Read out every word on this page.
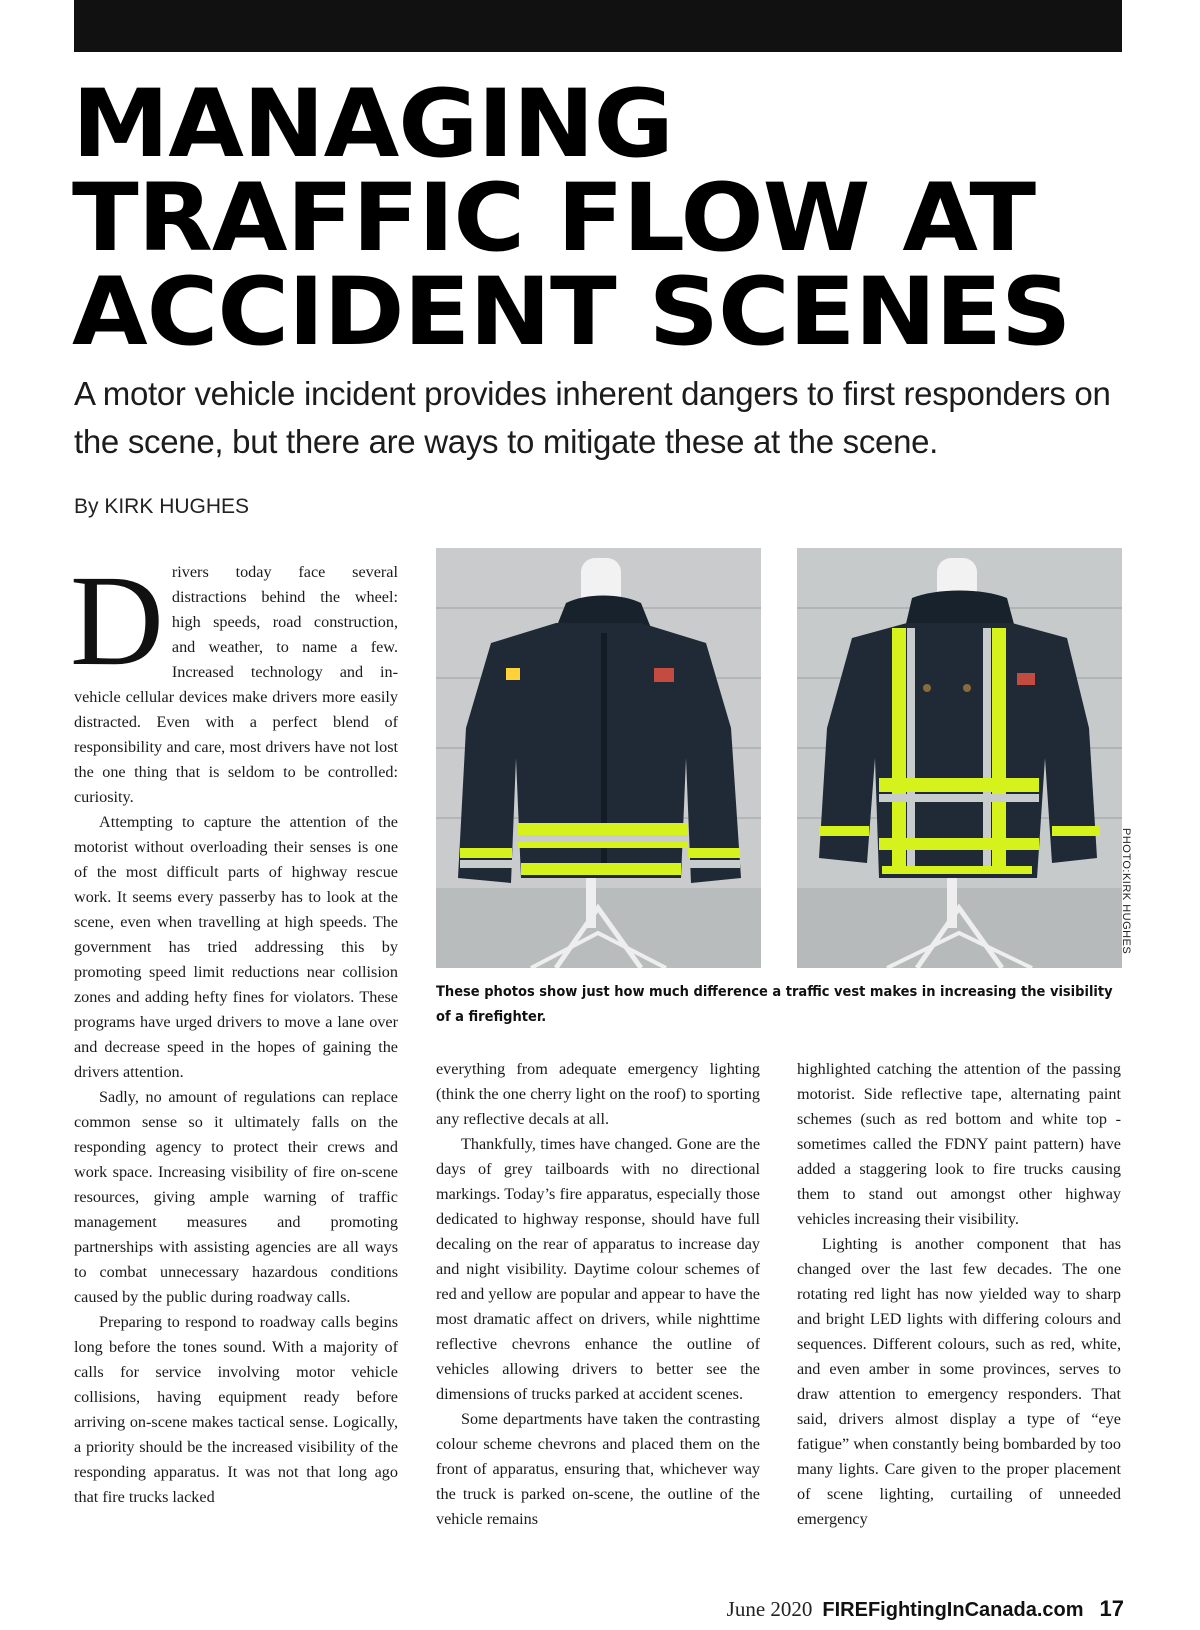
MANAGING
TRAFFIC FLOW AT
ACCIDENT SCENES

A motor vehicle incident provides inherent dangers to first responders on the scene, but there are ways to mitigate these at the scene.

By KIRK HUGHES

Drivers today face several distractions behind the wheel: high speeds, road construction, and weather, to name a few. Increased technology and in-vehicle cellular devices make drivers more easily distracted. Even with a perfect blend of responsibility and care, most drivers have not lost the one thing that is seldom to be controlled: curiosity.

Attempting to capture the attention of the motorist without overloading their senses is one of the most difficult parts of highway rescue work. It seems every passerby has to look at the scene, even when travelling at high speeds. The government has tried addressing this by promoting speed limit reductions near collision zones and adding hefty fines for violators. These programs have urged drivers to move a lane over and decrease speed in the hopes of gaining the drivers attention.

Sadly, no amount of regulations can replace common sense so it ultimately falls on the responding agency to protect their crews and work space. Increasing visibility of fire on-scene resources, giving ample warning of traffic management measures and promoting partnerships with assisting agencies are all ways to combat unnecessary hazardous conditions caused by the public during roadway calls.

Preparing to respond to roadway calls begins long before the tones sound. With a majority of calls for service involving motor vehicle collisions, having equipment ready before arriving on-scene makes tactical sense. Logically, a priority should be the increased visibility of the responding apparatus. It was not that long ago that fire trucks lacked

PHOTO:KIRK HUGHES

These photos show just how much difference a traffic vest makes in increasing the visibility of a firefighter.

everything from adequate emergency lighting (think the one cherry light on the roof) to sporting any reflective decals at all.

Thankfully, times have changed. Gone are the days of grey tailboards with no directional markings. Today’s fire apparatus, especially those dedicated to highway response, should have full decaling on the rear of apparatus to increase day and night visibility. Daytime colour schemes of red and yellow are popular and appear to have the most dramatic affect on drivers, while nighttime reflective chevrons enhance the outline of vehicles allowing drivers to better see the dimensions of trucks parked at accident scenes.

Some departments have taken the contrasting colour scheme chevrons and placed them on the front of apparatus, ensuring that, whichever way the truck is parked on-scene, the outline of the vehicle remains

highlighted catching the attention of the passing motorist. Side reflective tape, alternating paint schemes (such as red bottom and white top - sometimes called the FDNY paint pattern) have added a staggering look to fire trucks causing them to stand out amongst other highway vehicles increasing their visibility.

Lighting is another component that has changed over the last few decades. The one rotating red light has now yielded way to sharp and bright LED lights with differing colours and sequences. Different colours, such as red, white, and even amber in some provinces, serves to draw attention to emergency responders. That said, drivers almost display a type of “eye fatigue” when constantly being bombarded by too many lights. Care given to the proper placement of scene lighting, curtailing of unneeded emergency

June 2020 FIREFightingInCanada.com 17
